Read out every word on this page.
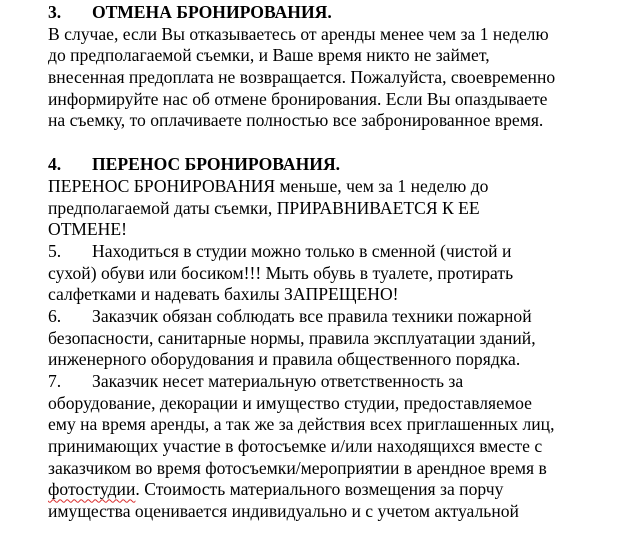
3. ОТМЕНА БРОНИРОВАНИЯ.
В случае, если Вы отказываетесь от аренды менее чем за 1 неделю
до предполагаемой съемки, и Ваше время никто не займет,
внесенная предоплата не возвращается. Пожалуйста, своевременно
информируйте нас об отмене бронирования. Если Вы опаздываете
на съемку, то оплачиваете полностью все забронированное время.
4. ПЕРЕНОС БРОНИРОВАНИЯ.
ПЕРЕНОС БРОНИРОВАНИЯ меньше, чем за 1 неделю до
предполагаемой даты съемки, ПРИРАВНИВАЕТСЯ К ЕЕ
ОТМЕНЕ!
5. Находиться в студии можно только в сменной (чистой и
сухой) обуви или босиком!!! Мыть обувь в туалете, протирать
салфетками и надевать бахилы ЗАПРЕЩЕНО!
6. Заказчик обязан соблюдать все правила техники пожарной
безопасности, санитарные нормы, правила эксплуатации зданий,
инженерного оборудования и правила общественного порядка.
7. Заказчик несет материальную ответственность за
оборудование, декорации и имущество студии, предоставляемое
ему на время аренды, а так же за действия всех приглашенных лиц,
принимающих участие в фотосъемке и/или находящихся вместе с
заказчиком во время фотосъемки/мероприятии в арендное время в
фотостудии. Стоимость материального возмещения за порчу
имущества оценивается индивидуально и с учетом актуальной
